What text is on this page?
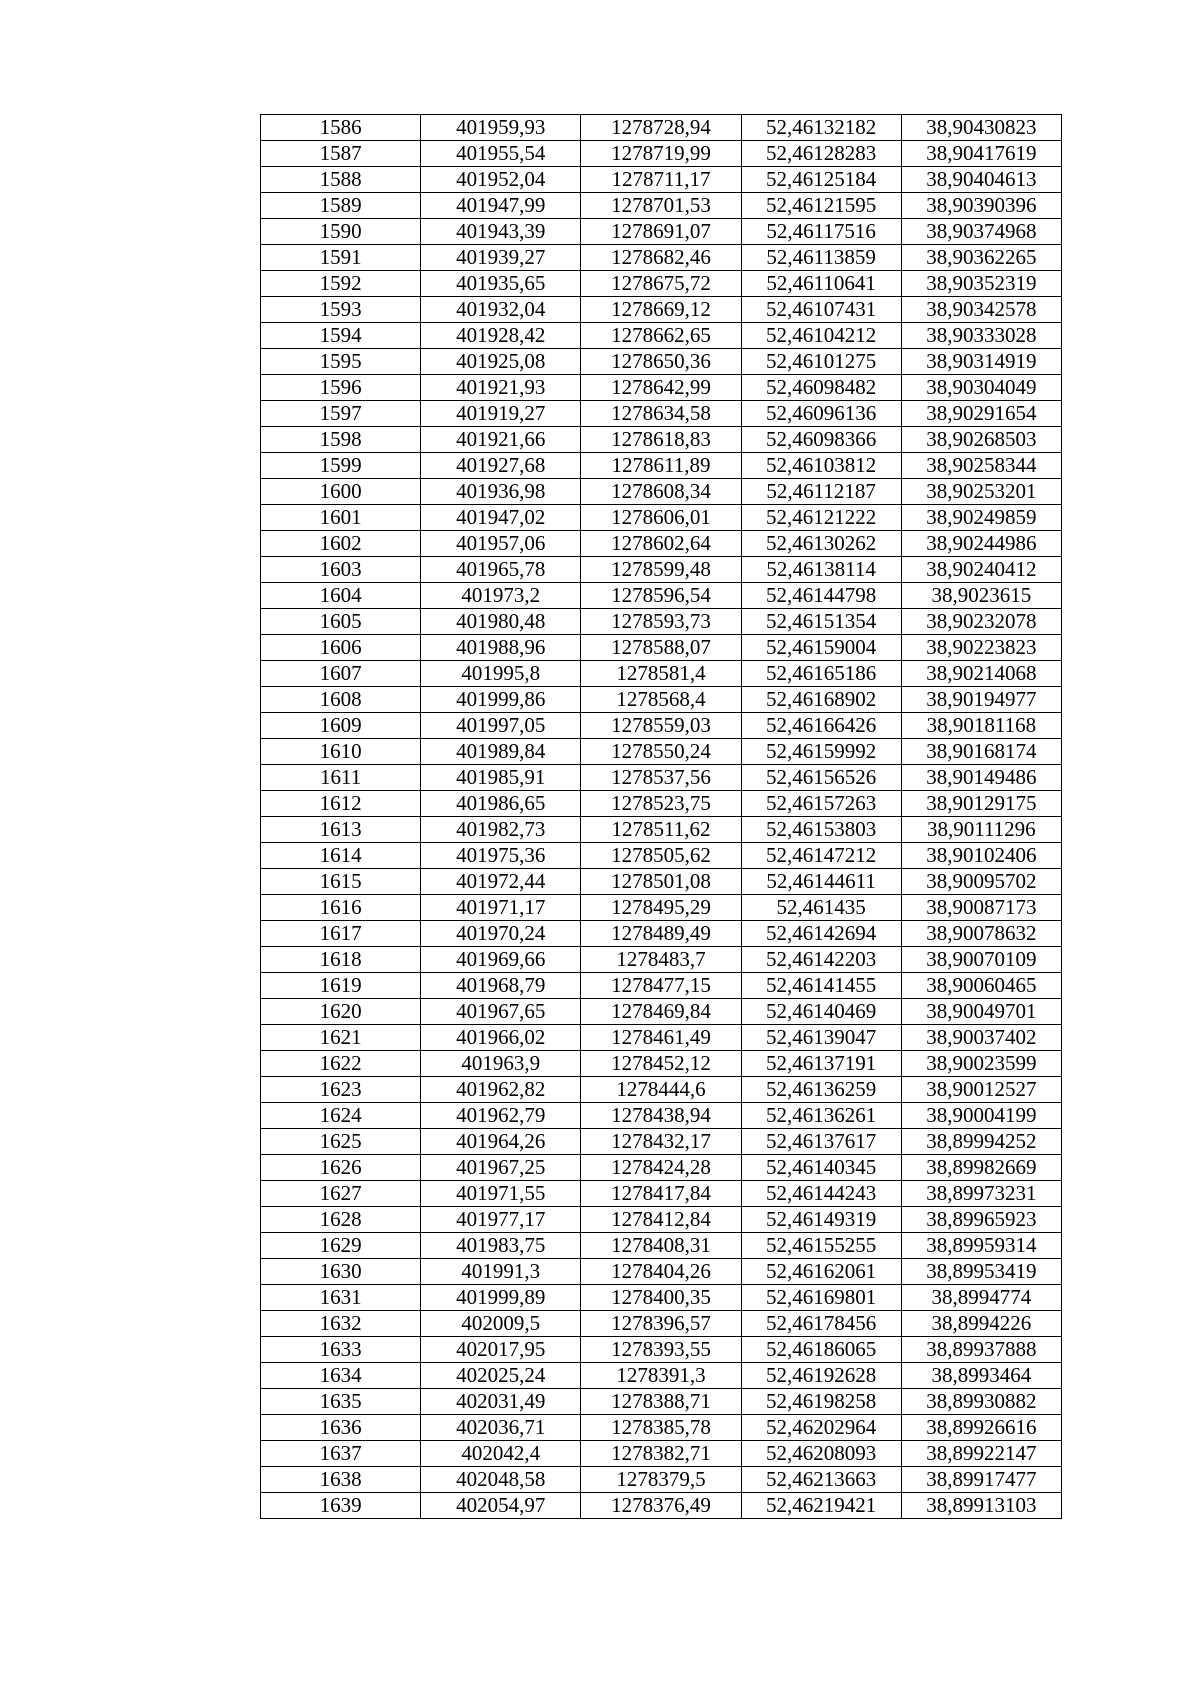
1586	401959,93	1278728,94	52,46132182	38,90430823
1587	401955,54	1278719,99	52,46128283	38,90417619
1588	401952,04	1278711,17	52,46125184	38,90404613
1589	401947,99	1278701,53	52,46121595	38,90390396
1590	401943,39	1278691,07	52,46117516	38,90374968
1591	401939,27	1278682,46	52,46113859	38,90362265
1592	401935,65	1278675,72	52,46110641	38,90352319
1593	401932,04	1278669,12	52,46107431	38,90342578
1594	401928,42	1278662,65	52,46104212	38,90333028
1595	401925,08	1278650,36	52,46101275	38,90314919
1596	401921,93	1278642,99	52,46098482	38,90304049
1597	401919,27	1278634,58	52,46096136	38,90291654
1598	401921,66	1278618,83	52,46098366	38,90268503
1599	401927,68	1278611,89	52,46103812	38,90258344
1600	401936,98	1278608,34	52,46112187	38,90253201
1601	401947,02	1278606,01	52,46121222	38,90249859
1602	401957,06	1278602,64	52,46130262	38,90244986
1603	401965,78	1278599,48	52,46138114	38,90240412
1604	401973,2	1278596,54	52,46144798	38,9023615
1605	401980,48	1278593,73	52,46151354	38,90232078
1606	401988,96	1278588,07	52,46159004	38,90223823
1607	401995,8	1278581,4	52,46165186	38,90214068
1608	401999,86	1278568,4	52,46168902	38,90194977
1609	401997,05	1278559,03	52,46166426	38,90181168
1610	401989,84	1278550,24	52,46159992	38,90168174
1611	401985,91	1278537,56	52,46156526	38,90149486
1612	401986,65	1278523,75	52,46157263	38,90129175
1613	401982,73	1278511,62	52,46153803	38,90111296
1614	401975,36	1278505,62	52,46147212	38,90102406
1615	401972,44	1278501,08	52,46144611	38,90095702
1616	401971,17	1278495,29	52,461435	38,90087173
1617	401970,24	1278489,49	52,46142694	38,90078632
1618	401969,66	1278483,7	52,46142203	38,90070109
1619	401968,79	1278477,15	52,46141455	38,90060465
1620	401967,65	1278469,84	52,46140469	38,90049701
1621	401966,02	1278461,49	52,46139047	38,90037402
1622	401963,9	1278452,12	52,46137191	38,90023599
1623	401962,82	1278444,6	52,46136259	38,90012527
1624	401962,79	1278438,94	52,46136261	38,90004199
1625	401964,26	1278432,17	52,46137617	38,89994252
1626	401967,25	1278424,28	52,46140345	38,89982669
1627	401971,55	1278417,84	52,46144243	38,89973231
1628	401977,17	1278412,84	52,46149319	38,89965923
1629	401983,75	1278408,31	52,46155255	38,89959314
1630	401991,3	1278404,26	52,46162061	38,89953419
1631	401999,89	1278400,35	52,46169801	38,8994774
1632	402009,5	1278396,57	52,46178456	38,8994226
1633	402017,95	1278393,55	52,46186065	38,89937888
1634	402025,24	1278391,3	52,46192628	38,8993464
1635	402031,49	1278388,71	52,46198258	38,89930882
1636	402036,71	1278385,78	52,46202964	38,89926616
1637	402042,4	1278382,71	52,46208093	38,89922147
1638	402048,58	1278379,5	52,46213663	38,89917477
1639	402054,97	1278376,49	52,46219421	38,89913103
